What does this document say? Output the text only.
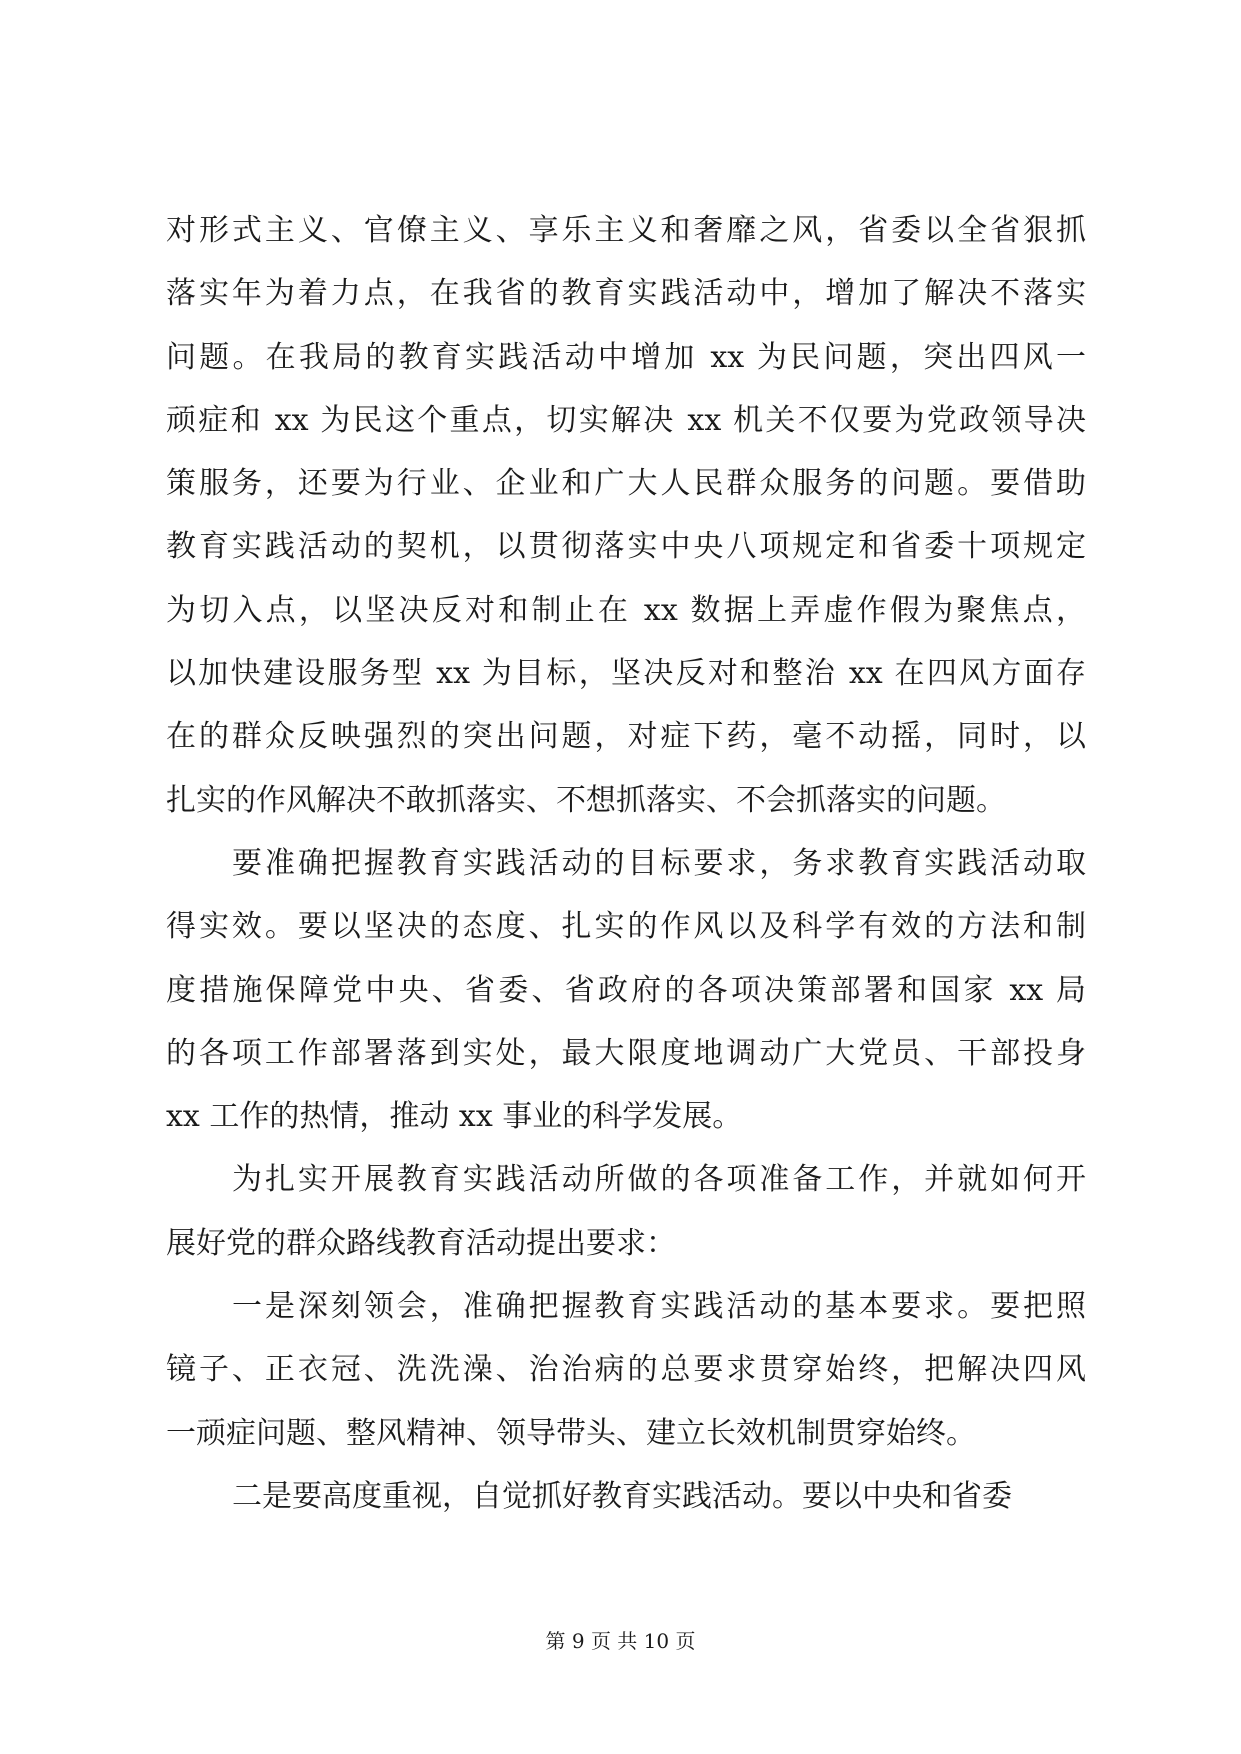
对形式主义、官僚主义、享乐主义和奢靡之风，省委以全省狠抓
落实年为着力点，在我省的教育实践活动中，增加了解决不落实
问题。在我局的教育实践活动中增加 xx 为民问题，突出四风一
顽症和 xx 为民这个重点，切实解决 xx 机关不仅要为党政领导决
策服务，还要为行业、企业和广大人民群众服务的问题。要借助
教育实践活动的契机，以贯彻落实中央八项规定和省委十项规定
为切入点，以坚决反对和制止在 xx 数据上弄虚作假为聚焦点，
以加快建设服务型 xx 为目标，坚决反对和整治 xx 在四风方面存
在的群众反映强烈的突出问题，对症下药，毫不动摇，同时，以
扎实的作风解决不敢抓落实、不想抓落实、不会抓落实的问题。
要准确把握教育实践活动的目标要求，务求教育实践活动取
得实效。要以坚决的态度、扎实的作风以及科学有效的方法和制
度措施保障党中央、省委、省政府的各项决策部署和国家 xx 局
的各项工作部署落到实处，最大限度地调动广大党员、干部投身
xx 工作的热情，推动 xx 事业的科学发展。
为扎实开展教育实践活动所做的各项准备工作，并就如何开
展好党的群众路线教育活动提出要求：
一是深刻领会，准确把握教育实践活动的基本要求。要把照
镜子、正衣冠、洗洗澡、治治病的总要求贯穿始终，把解决四风
一顽症问题、整风精神、领导带头、建立长效机制贯穿始终。
二是要高度重视，自觉抓好教育实践活动。要以中央和省委
第 9 页 共 10 页
